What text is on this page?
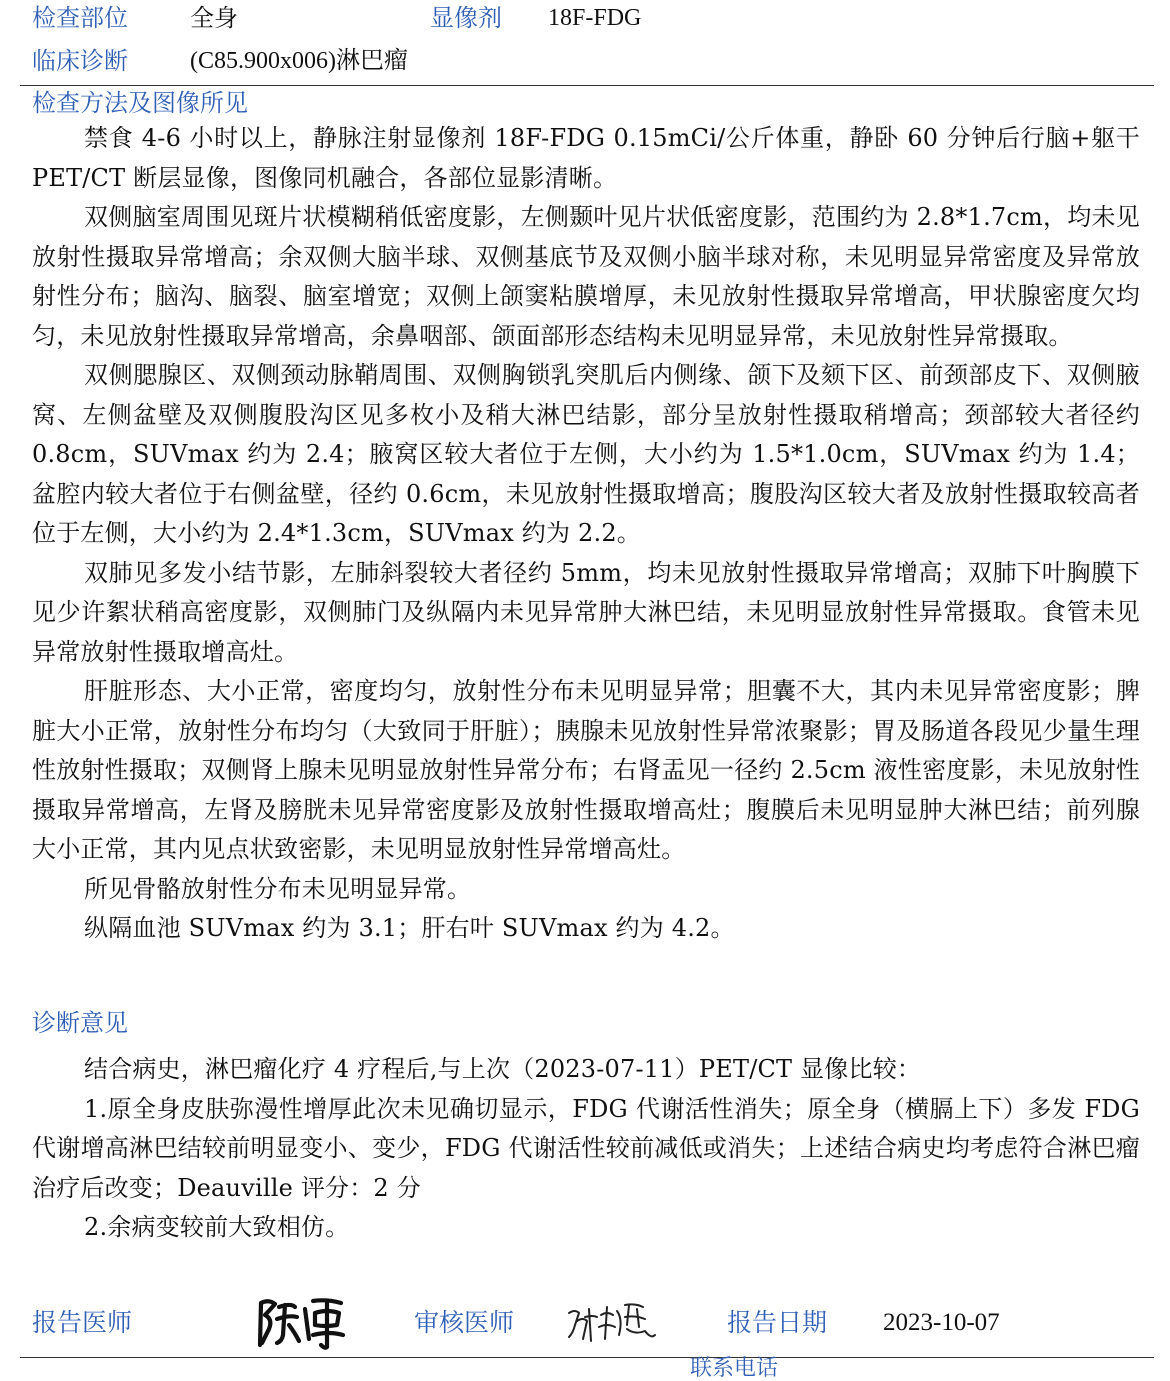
检查部位	全身	显像剂 18F-FDG
临床诊断	(C85.900x006)淋巴瘤
检查方法及图像所见

禁食 4-6 小时以上，静脉注射显像剂 18F-FDG 0.15mCi/公斤体重，静卧 60 分钟后行脑+躯干 PET/CT 断层显像，图像同机融合，各部位显影清晰。

双侧脑室周围见斑片状模糊稍低密度影，左侧颞叶见片状低密度影，范围约为 2.8*1.7cm，均未见放射性摄取异常增高；余双侧大脑半球、双侧基底节及双侧小脑半球对称，未见明显异常密度及异常放射性分布；脑沟、脑裂、脑室增宽；双侧上颌窦粘膜增厚，未见放射性摄取异常增高，甲状腺密度欠均匀，未见放射性摄取异常增高，余鼻咽部、颌面部形态结构未见明显异常，未见放射性异常摄取。

双侧腮腺区、双侧颈动脉鞘周围、双侧胸锁乳突肌后内侧缘、颌下及颏下区、前颈部皮下、双侧腋窝、左侧盆壁及双侧腹股沟区见多枚小及稍大淋巴结影，部分呈放射性摄取稍增高；颈部较大者径约 0.8cm，SUVmax 约为 2.4；腋窝区较大者位于左侧，大小约为 1.5*1.0cm，SUVmax 约为 1.4；盆腔内较大者位于右侧盆壁，径约 0.6cm，未见放射性摄取增高；腹股沟区较大者及放射性摄取较高者位于左侧，大小约为 2.4*1.3cm，SUVmax 约为 2.2。

双肺见多发小结节影，左肺斜裂较大者径约 5mm，均未见放射性摄取异常增高；双肺下叶胸膜下见少许絮状稍高密度影，双侧肺门及纵隔内未见异常肿大淋巴结，未见明显放射性异常摄取。食管未见异常放射性摄取增高灶。

肝脏形态、大小正常，密度均匀，放射性分布未见明显异常；胆囊不大，其内未见异常密度影；脾脏大小正常，放射性分布均匀（大致同于肝脏）；胰腺未见放射性异常浓聚影；胃及肠道各段见少量生理性放射性摄取；双侧肾上腺未见明显放射性异常分布；右肾盂见一径约 2.5cm 液性密度影，未见放射性摄取异常增高，左肾及膀胱未见异常密度影及放射性摄取增高灶；腹膜后未见明显肿大淋巴结；前列腺大小正常，其内见点状致密影，未见明显放射性异常增高灶。

所见骨骼放射性分布未见明显异常。

纵隔血池 SUVmax 约为 3.1；肝右叶 SUVmax 约为 4.2。

诊断意见

结合病史，淋巴瘤化疗 4 疗程后,与上次（2023-07-11）PET/CT 显像比较：

1.原全身皮肤弥漫性增厚此次未见确切显示，FDG 代谢活性消失；原全身（横膈上下）多发 FDG 代谢增高淋巴结较前明显变小、变少，FDG 代谢活性较前减低或消失；上述结合病史均考虑符合淋巴瘤治疗后改变；Deauville 评分：2 分

2.余病变较前大致相仿。

报告医师	审核医师	报告日期 2023-10-07
联系电话
